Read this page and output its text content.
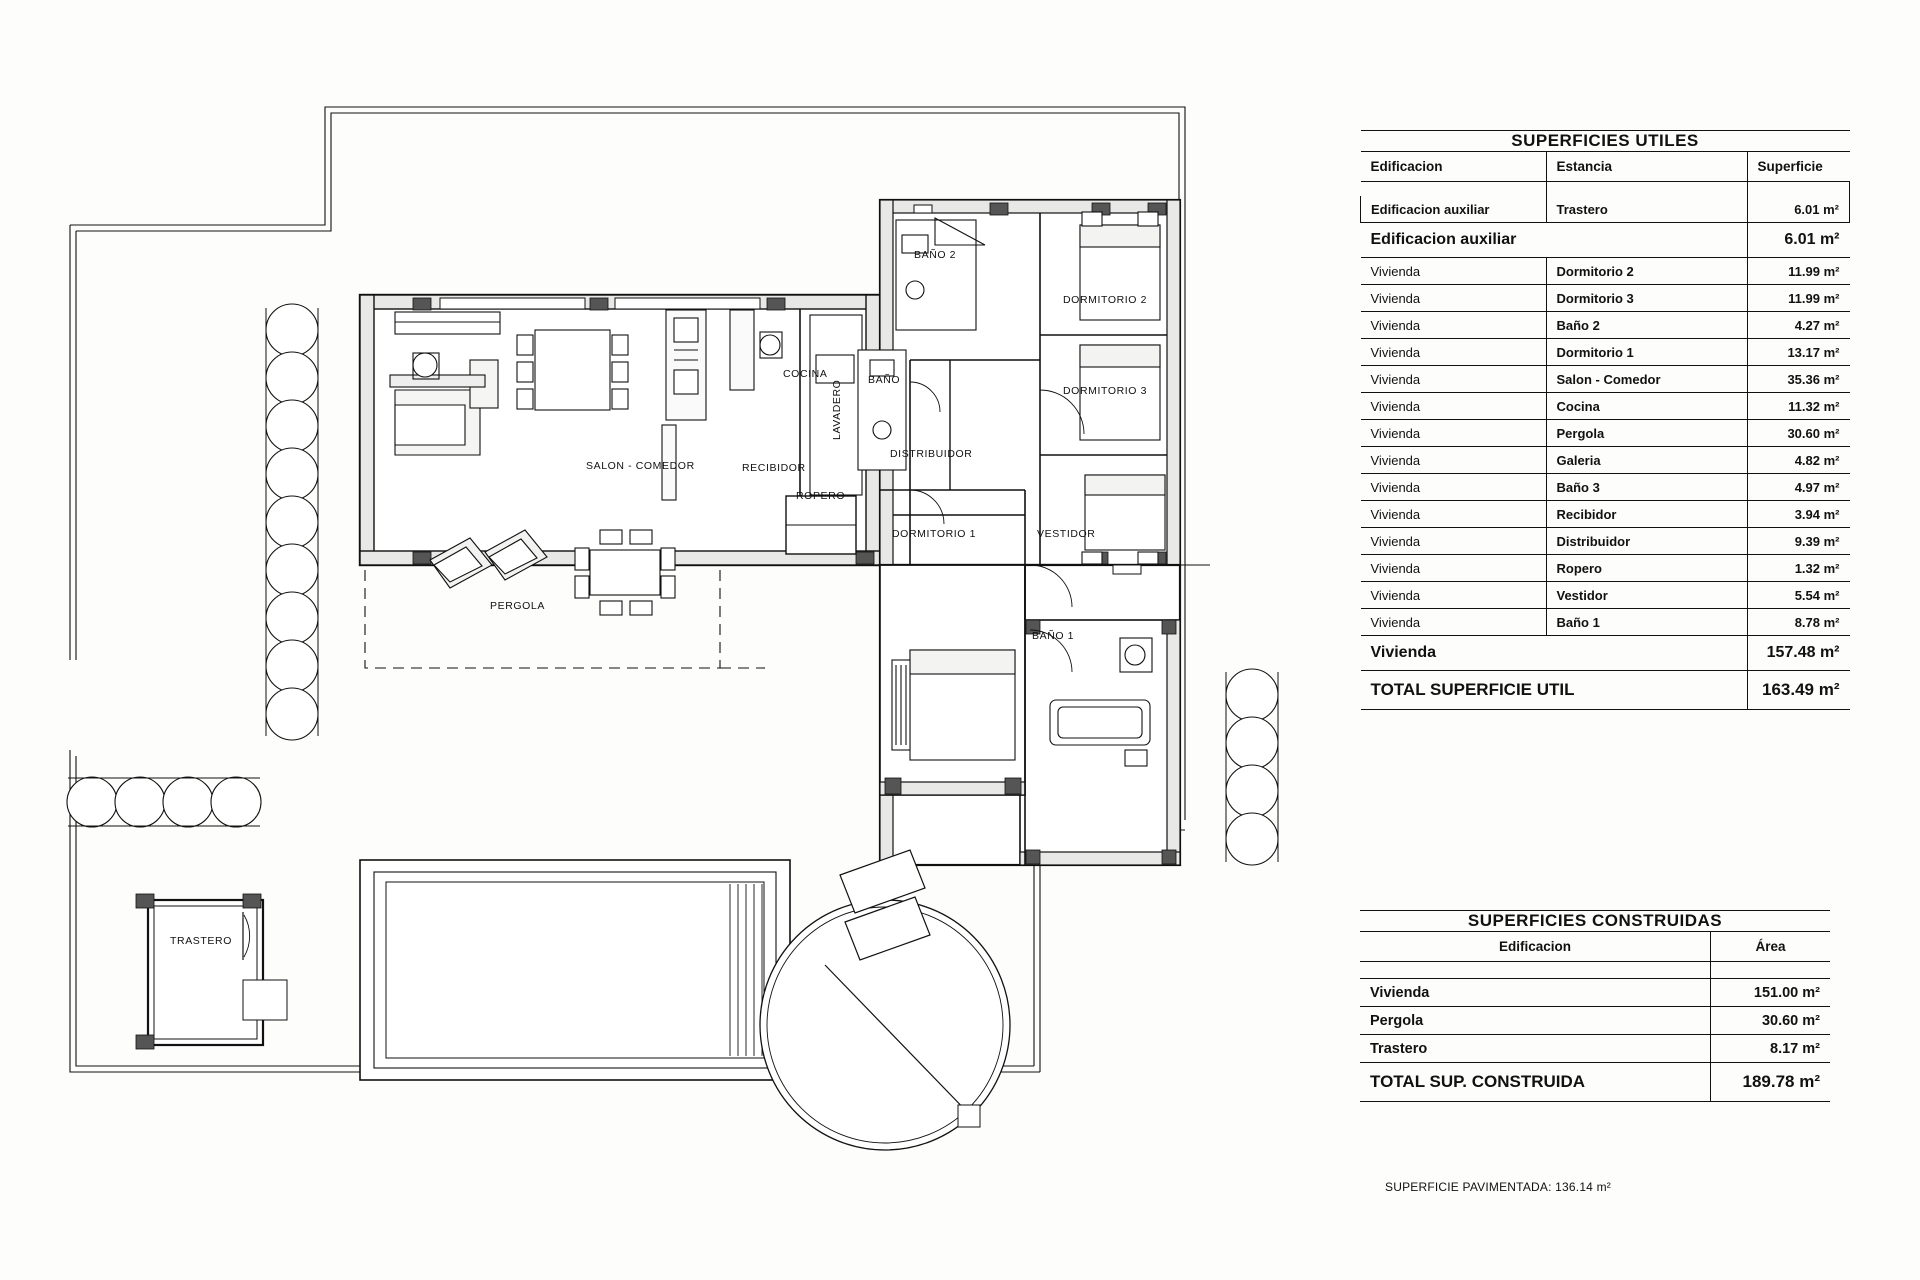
SALON - COMEDOR
COCINA
LAVADERO BAÑO
BAÑO 2
DORMITORIO 2
DORMITORIO 3
DISTRIBUIDOR
RECIBIDOR
ROPERO
DORMITORIO 1	VESTIDOR
BAÑO 1
PERGOLA
TRASTERO
SUPERFICIES UTILES		
Edificacion	Estancia	Superficie

Edificacion auxiliar	Trastero	6.01 m²
Edificacion auxiliar		6.01 m²
Vivienda	Dormitorio 2	11.99 m²
Vivienda	Dormitorio 3	11.99 m²
Vivienda	Baño 2	4.27 m²
Vivienda	Dormitorio 1	13.17 m²
Vivienda	Salon - Comedor	35.36 m²
Vivienda	Cocina	11.32 m²
Vivienda	Pergola	30.60 m²
Vivienda	Galeria	4.82 m²
Vivienda	Baño 3	4.97 m²
Vivienda	Recibidor	3.94 m²
Vivienda	Distribuidor	9.39 m²
Vivienda	Ropero	1.32 m²
Vivienda	Vestidor	5.54 m²
Vivienda	Baño 1	8.78 m²
Vivienda		157.48 m²
TOTAL SUPERFICIE UTIL		163.49 m²
SUPERFICIES CONSTRUIDAS	
Edificacion	Área

Vivienda	151.00 m²
Pergola	30.60 m²
Trastero	8.17 m²
TOTAL SUP. CONSTRUIDA	189.78 m²
SUPERFICIE PAVIMENTADA: 136.14 m²
